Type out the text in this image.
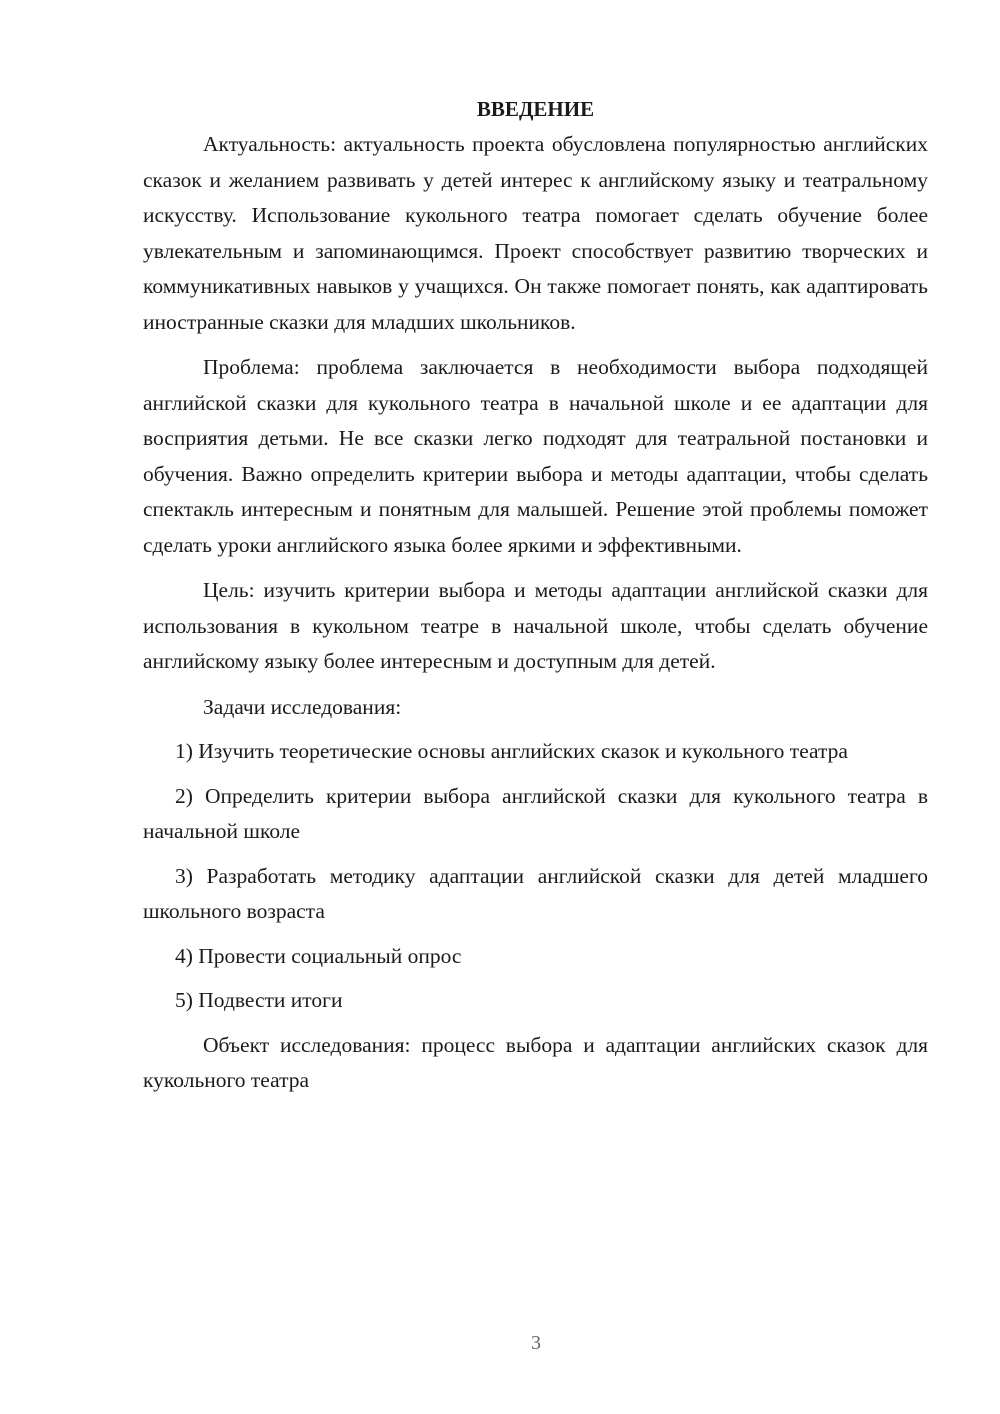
ВВЕДЕНИЕ

Актуальность: актуальность проекта обусловлена популярностью английских сказок и желанием развивать у детей интерес к английскому языку и театральному искусству. Использование кукольного театра помогает сделать обучение более увлекательным и запоминающимся. Проект способствует развитию творческих и коммуникативных навыков у учащихся. Он также помогает понять, как адаптировать иностранные сказки для младших школьников.

Проблема: проблема заключается в необходимости выбора подходящей английской сказки для кукольного театра в начальной школе и ее адаптации для восприятия детьми. Не все сказки легко подходят для театральной постановки и обучения. Важно определить критерии выбора и методы адаптации, чтобы сделать спектакль интересным и понятным для малышей. Решение этой проблемы поможет сделать уроки английского языка более яркими и эффективными.

Цель: изучить критерии выбора и методы адаптации английской сказки для использования в кукольном театре в начальной школе, чтобы сделать обучение английскому языку более интересным и доступным для детей.

Задачи исследования:

1) Изучить теоретические основы английских сказок и кукольного театра

2) Определить критерии выбора английской сказки для кукольного театра в начальной школе

3) Разработать методику адаптации английской сказки для детей младшего школьного возраста

4) Провести социальный опрос

5) Подвести итоги

Объект исследования: процесс выбора и адаптации английских сказок для кукольного театра

3
